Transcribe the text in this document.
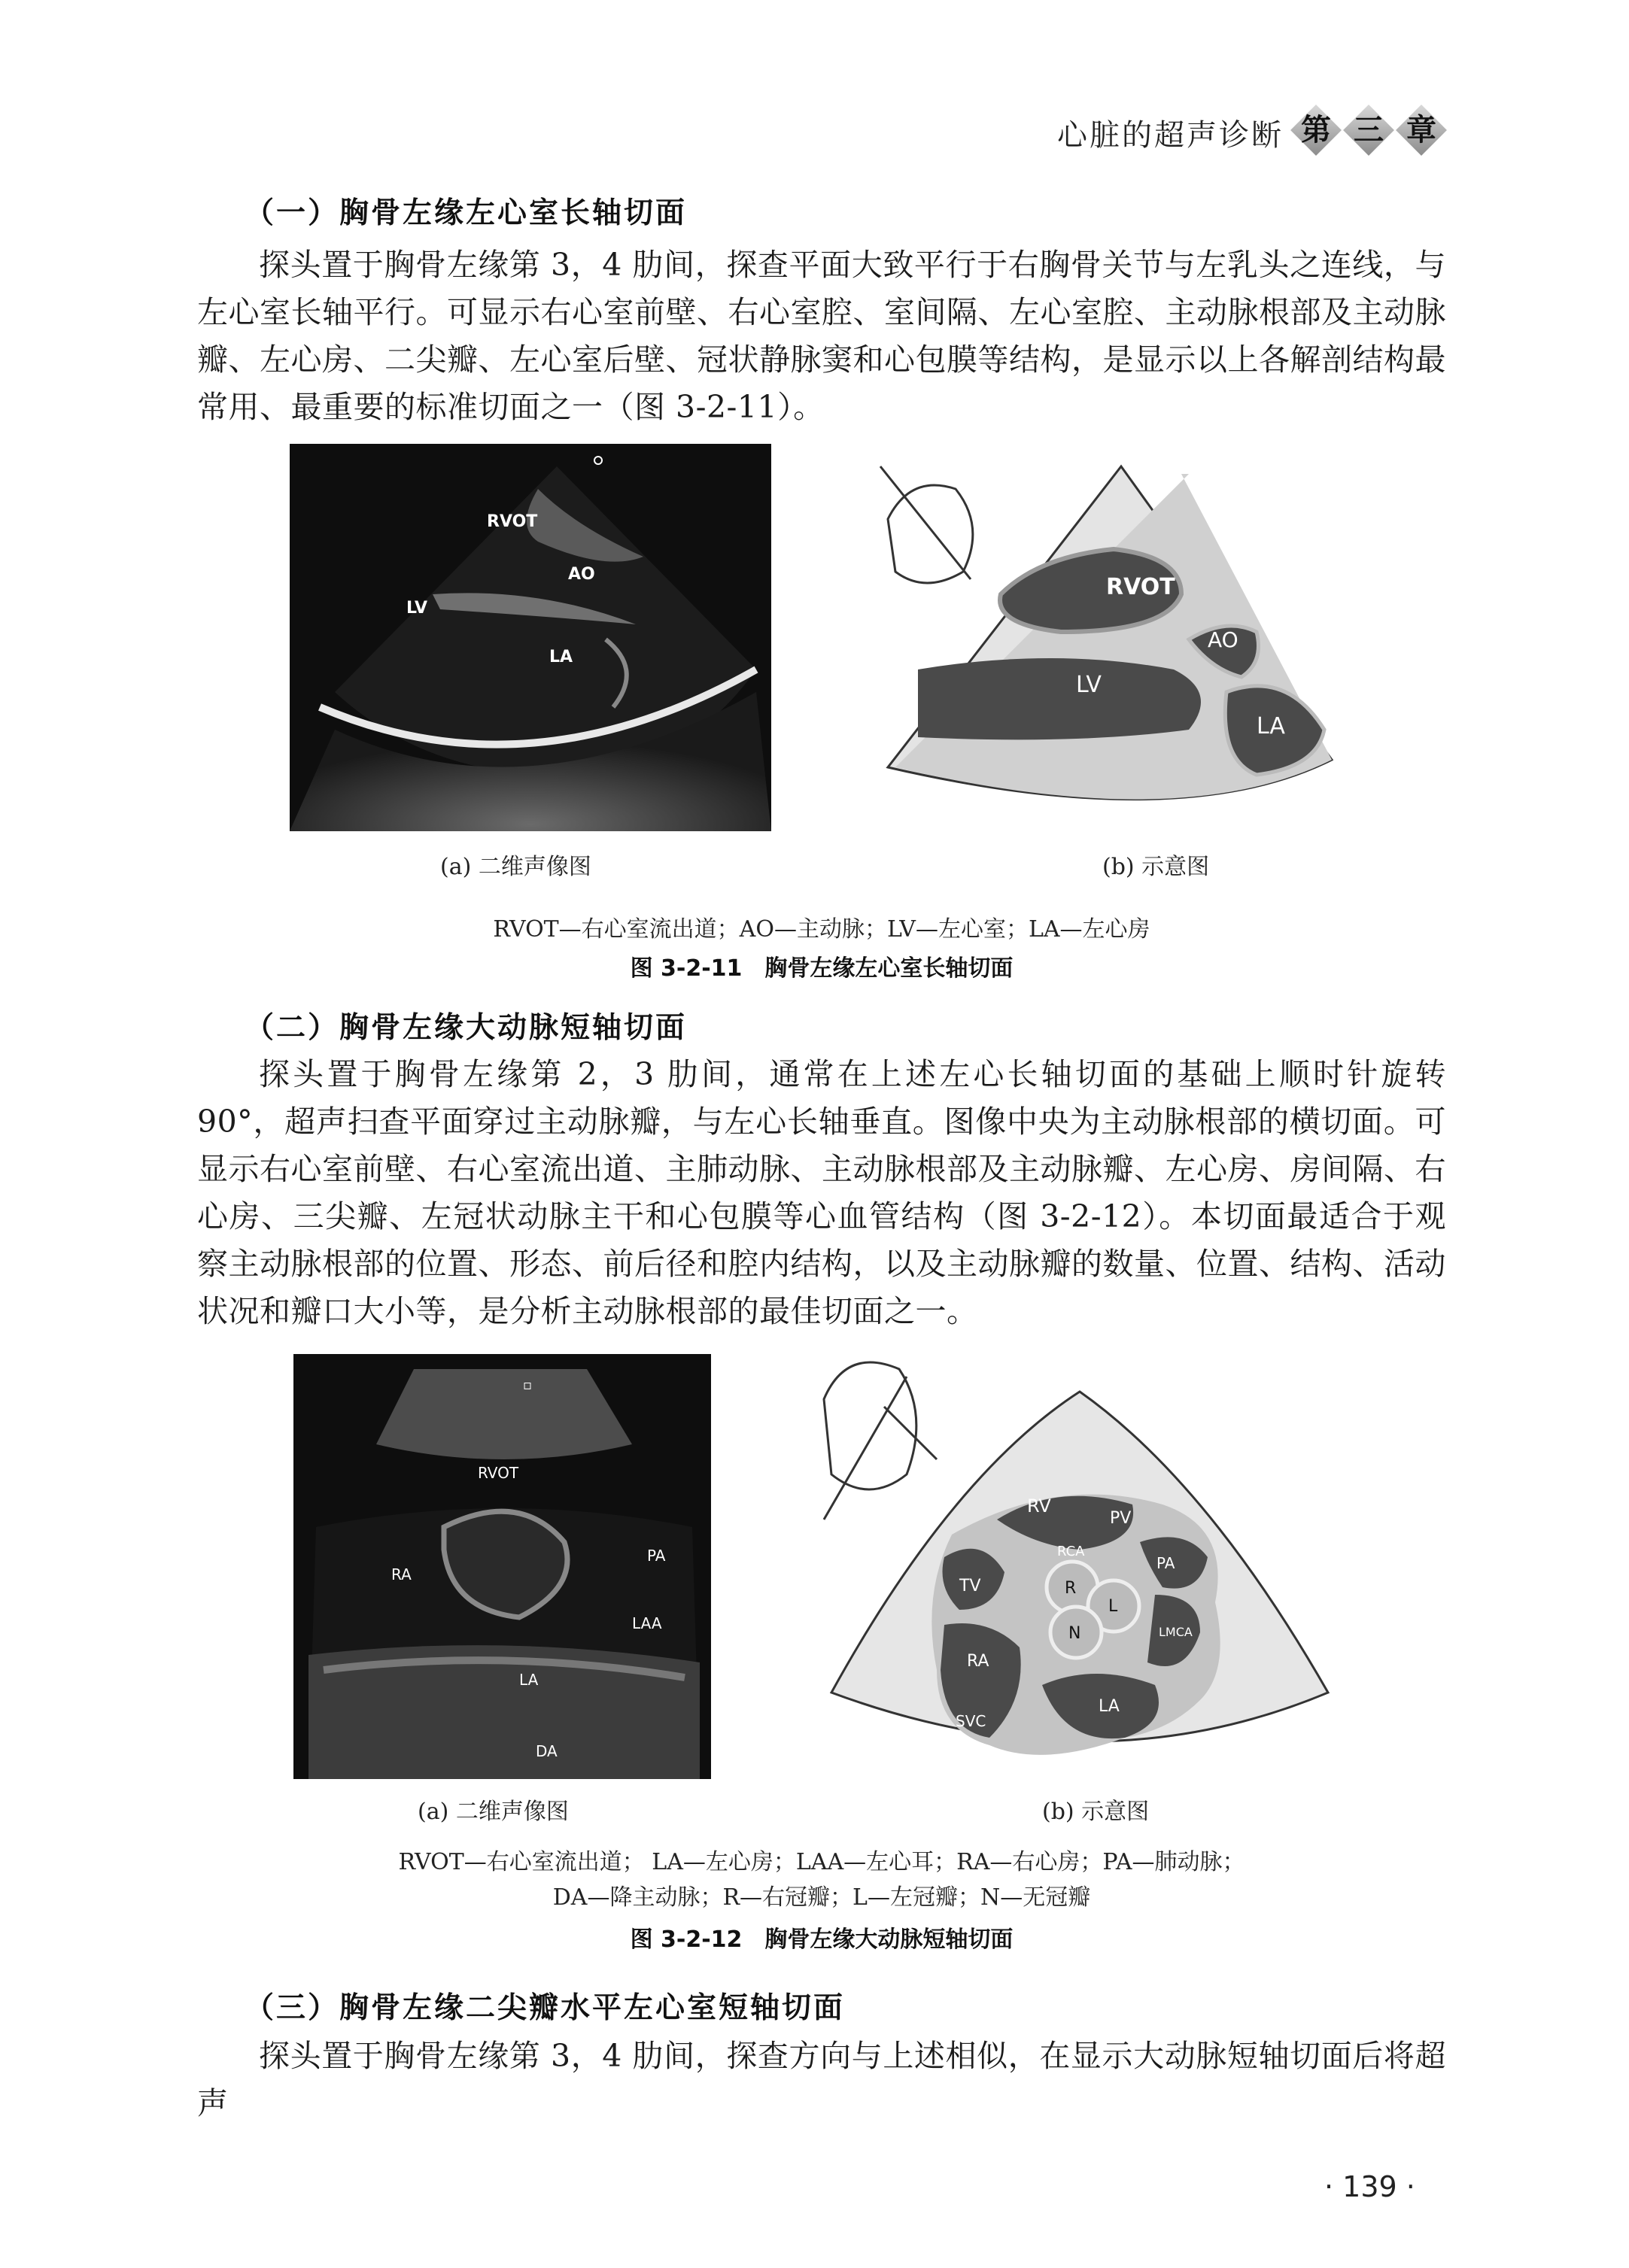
心脏的超声诊断 第 三 章
（一）胸骨左缘左心室长轴切面
探头置于胸骨左缘第 3，4 肋间，探查平面大致平行于右胸骨关节与左乳头之连线，与左心室长轴平行。可显示右心室前壁、右心室腔、室间隔、左心室腔、主动脉根部及主动脉瓣、左心房、二尖瓣、左心室后壁、冠状静脉窦和心包膜等结构，是显示以上各解剖结构最常用、最重要的标准切面之一（图 3-2-11）。
RVOT
AO
LV
LA
RVOT
AO
LV
LA
(a) 二维声像图	(b) 示意图
RVOT—右心室流出道；AO—主动脉；LV—左心室；LA—左心房
图 3-2-11　胸骨左缘左心室长轴切面
（二）胸骨左缘大动脉短轴切面
探头置于胸骨左缘第 2，3 肋间，通常在上述左心长轴切面的基础上顺时针旋转 90°，超声扫查平面穿过主动脉瓣，与左心长轴垂直。图像中央为主动脉根部的横切面。可显示右心室前壁、右心室流出道、主肺动脉、主动脉根部及主动脉瓣、左心房、房间隔、右心房、三尖瓣、左冠状动脉主干和心包膜等心血管结构（图 3-2-12）。本切面最适合于观察主动脉根部的位置、形态、前后径和腔内结构，以及主动脉瓣的数量、位置、结构、活动状况和瓣口大小等，是分析主动脉根部的最佳切面之一。
▫
RVOT
PA
RA
LAA
LA
DA
RV
PV
RCA
PA
TV	R
L
N	LMCA
RA
LA
SVC
(a) 二维声像图	(b) 示意图
RVOT—右心室流出道； LA—左心房；LAA—左心耳；RA—右心房；PA—肺动脉；
DA—降主动脉；R—右冠瓣；L—左冠瓣；N—无冠瓣
图 3-2-12　胸骨左缘大动脉短轴切面
（三）胸骨左缘二尖瓣水平左心室短轴切面
探头置于胸骨左缘第 3，4 肋间，探查方向与上述相似，在显示大动脉短轴切面后将超声
· 139 ·
